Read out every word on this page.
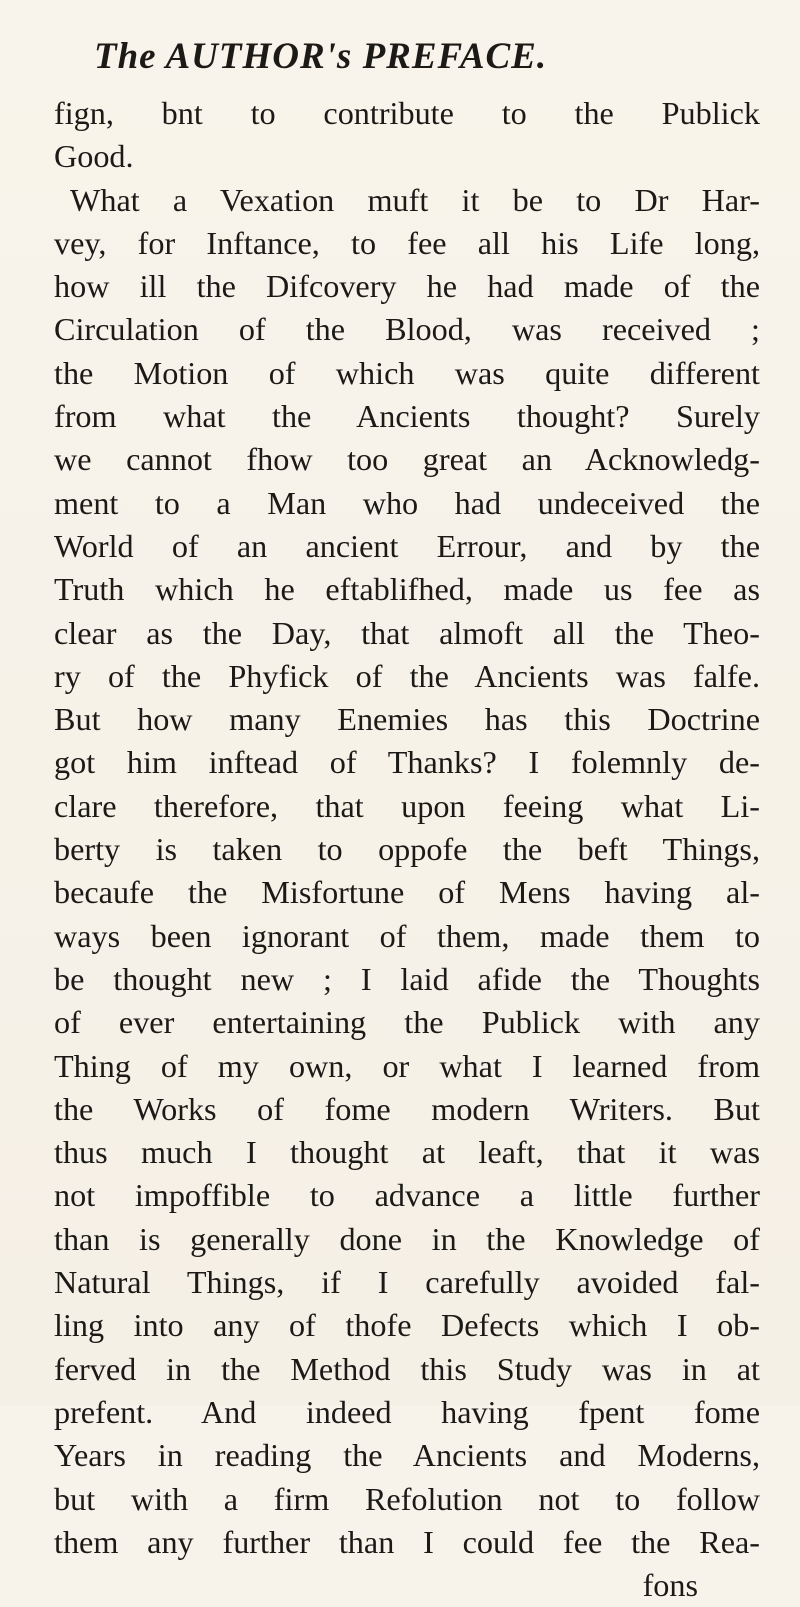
The AUTHOR's PREFACE.
fign, bnt to contribute to the Publick
Good.
What a Vexation muft it be to Dr Har-
vey, for Inftance, to fee all his Life long,
how ill the Difcovery he had made of the
Circulation of the Blood, was received ;
the Motion of which was quite different
from what the Ancients thought? Surely
we cannot fhow too great an Acknowledg-
ment to a Man who had undeceived the
World of an ancient Errour, and by the
Truth which he eftablifhed, made us fee as
clear as the Day, that almoft all the Theo-
ry of the Phyfick of the Ancients was falfe.
But how many Enemies has this Doctrine
got him inftead of Thanks? I folemnly de-
clare therefore, that upon feeing what Li-
berty is taken to oppofe the beft Things,
becaufe the Misfortune of Mens having al-
ways been ignorant of them, made them to
be thought new ; I laid afide the Thoughts
of ever entertaining the Publick with any
Thing of my own, or what I learned from
the Works of fome modern Writers. But
thus much I thought at leaft, that it was
not impoffible to advance a little further
than is generally done in the Knowledge of
Natural Things, if I carefully avoided fal-
ling into any of thofe Defects which I ob-
ferved in the Method this Study was in at
prefent. And indeed having fpent fome
Years in reading the Ancients and Moderns,
but with a firm Refolution not to follow
them any further than I could fee the Rea-
fons
